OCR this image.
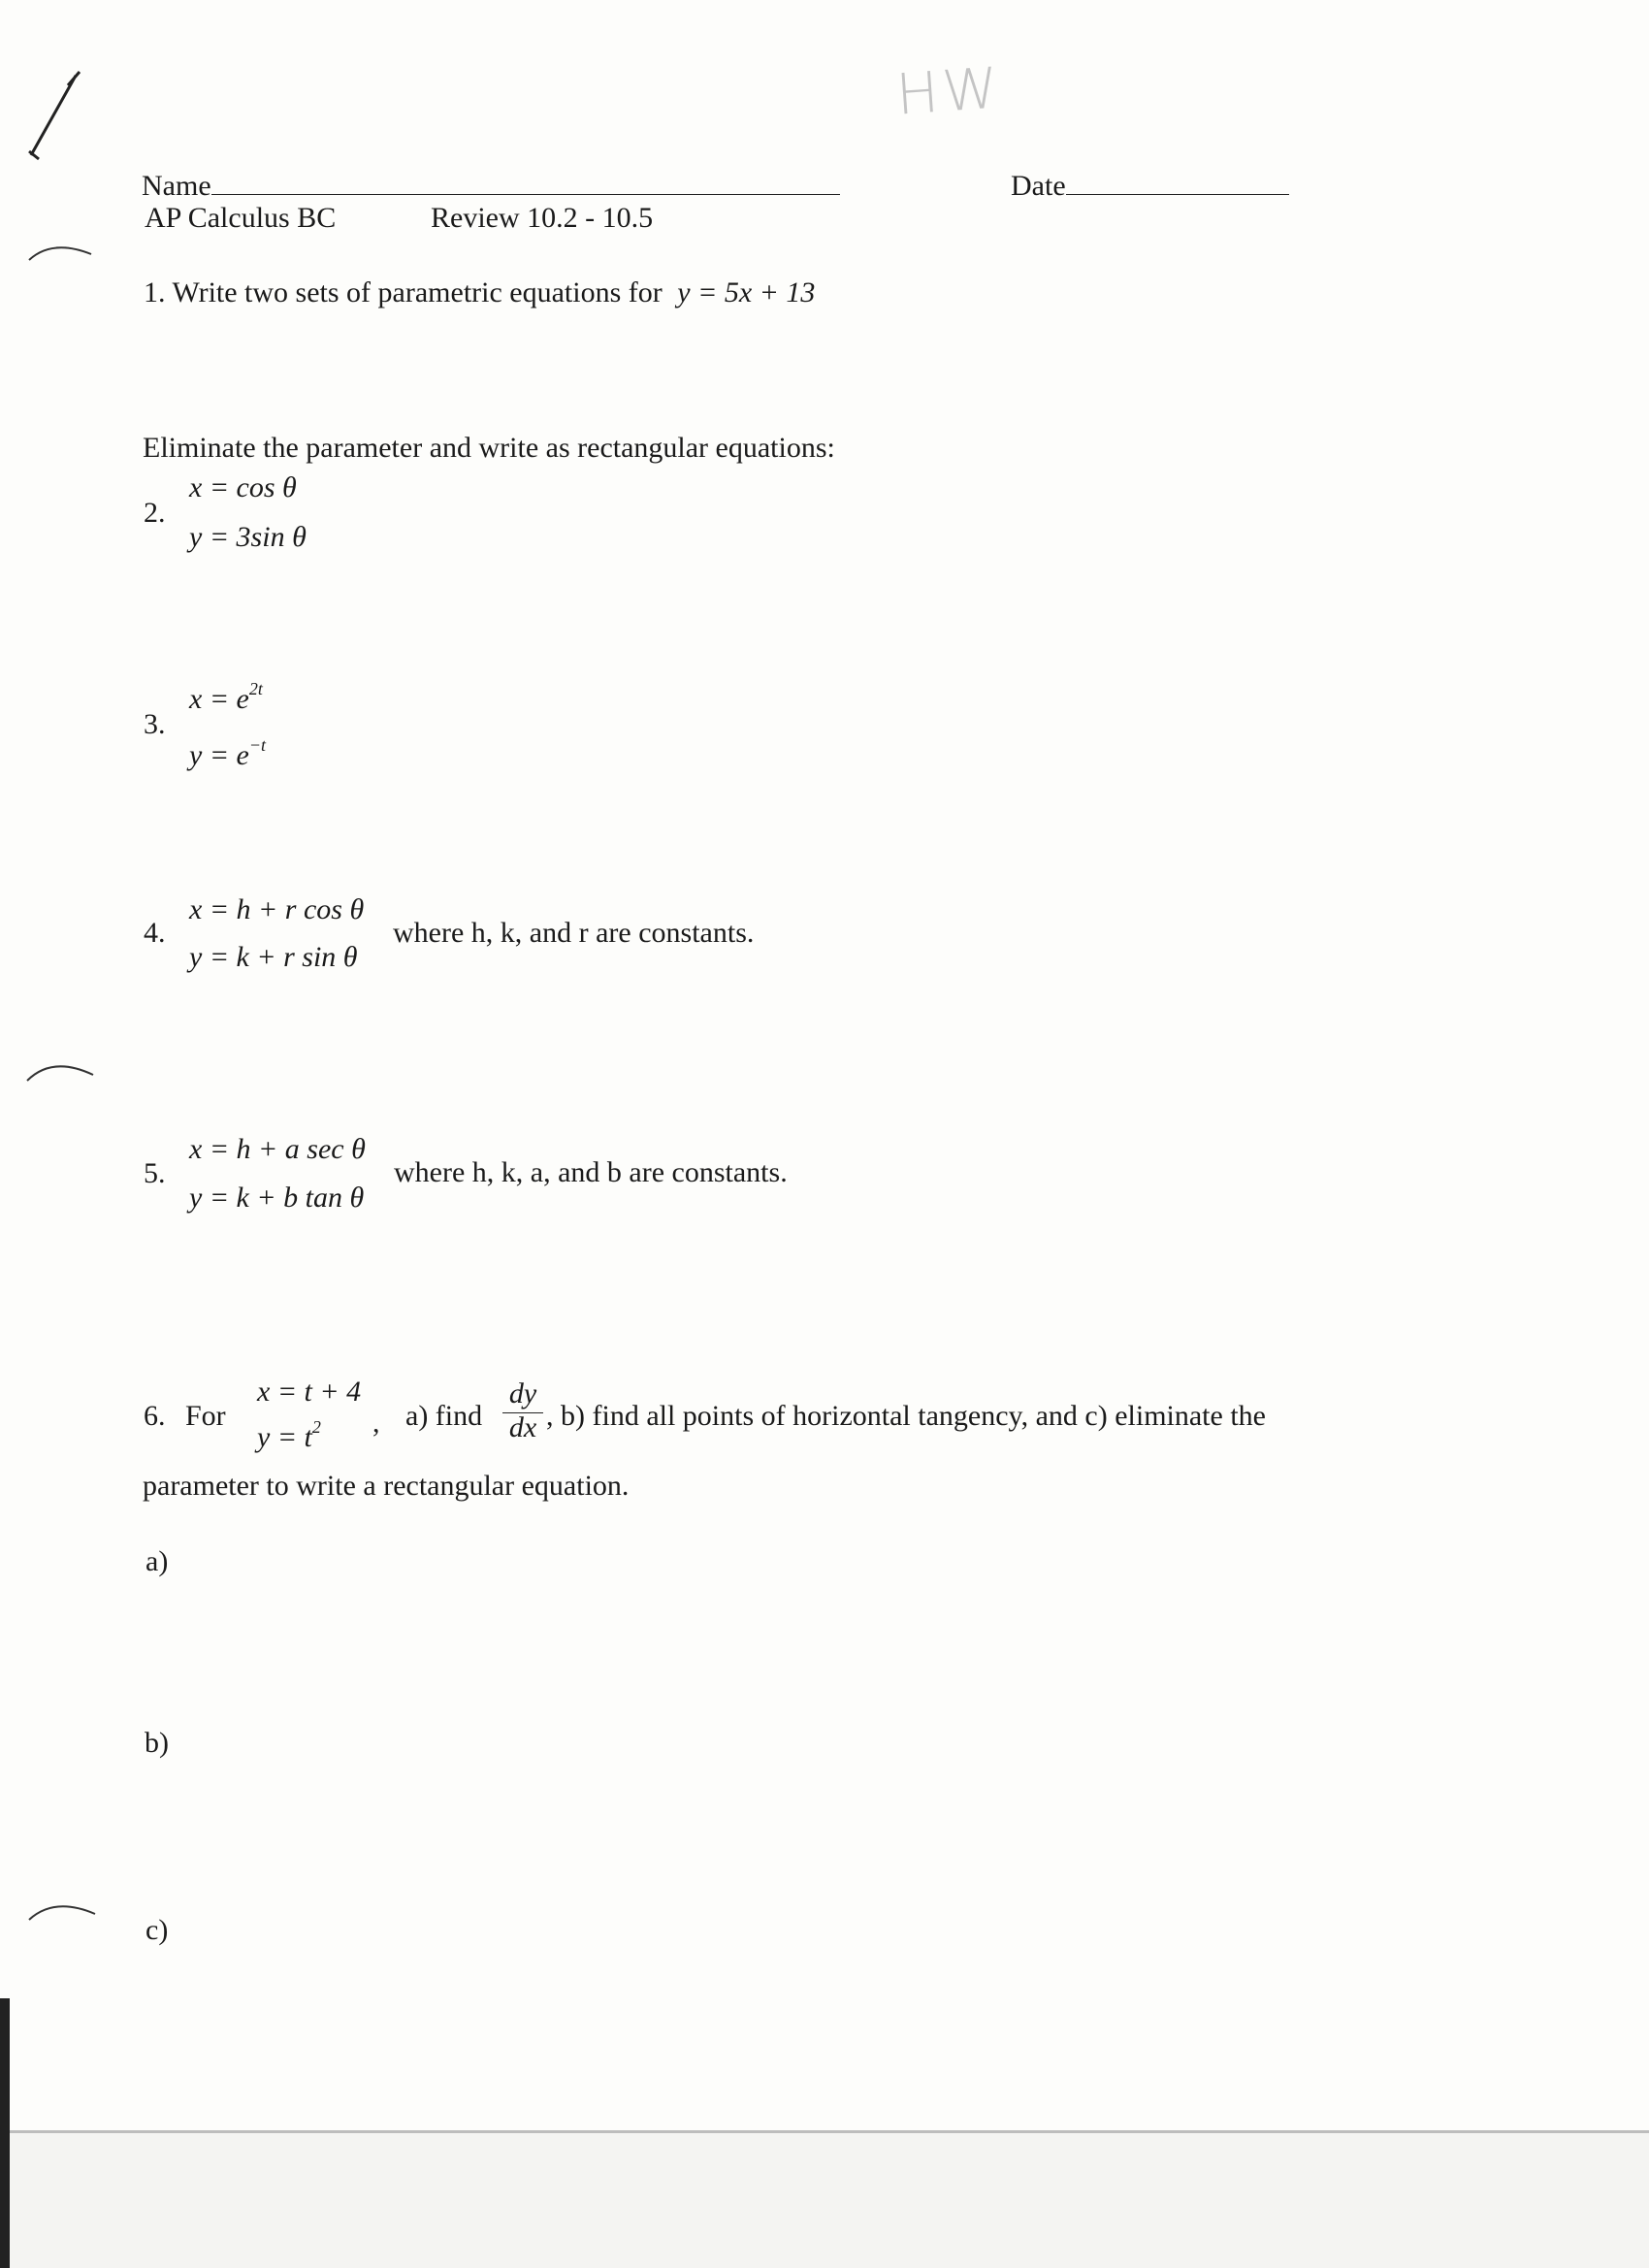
HW
Name	Date
AP Calculus BC	Review 10.2 - 10.5
1. Write two sets of parametric equations for y = 5x + 13
Eliminate the parameter and write as rectangular equations:
2.
x = cos θ
y = 3sin θ
3.
$x = e^{2t}$
$y = e^{-t}$
4.
x = h + r cos θ
y = k + r sin θ
where h, k, and r are constants.
5.
x = h + a sec θ
y = k + b tan θ
where h, k, a, and b are constants.
6. For
x = t + 4
$y = t^2$ , a) find
dy
dx , b) find all points of horizontal tangency, and c) eliminate the
parameter to write a rectangular equation.
a)
b)
c)
